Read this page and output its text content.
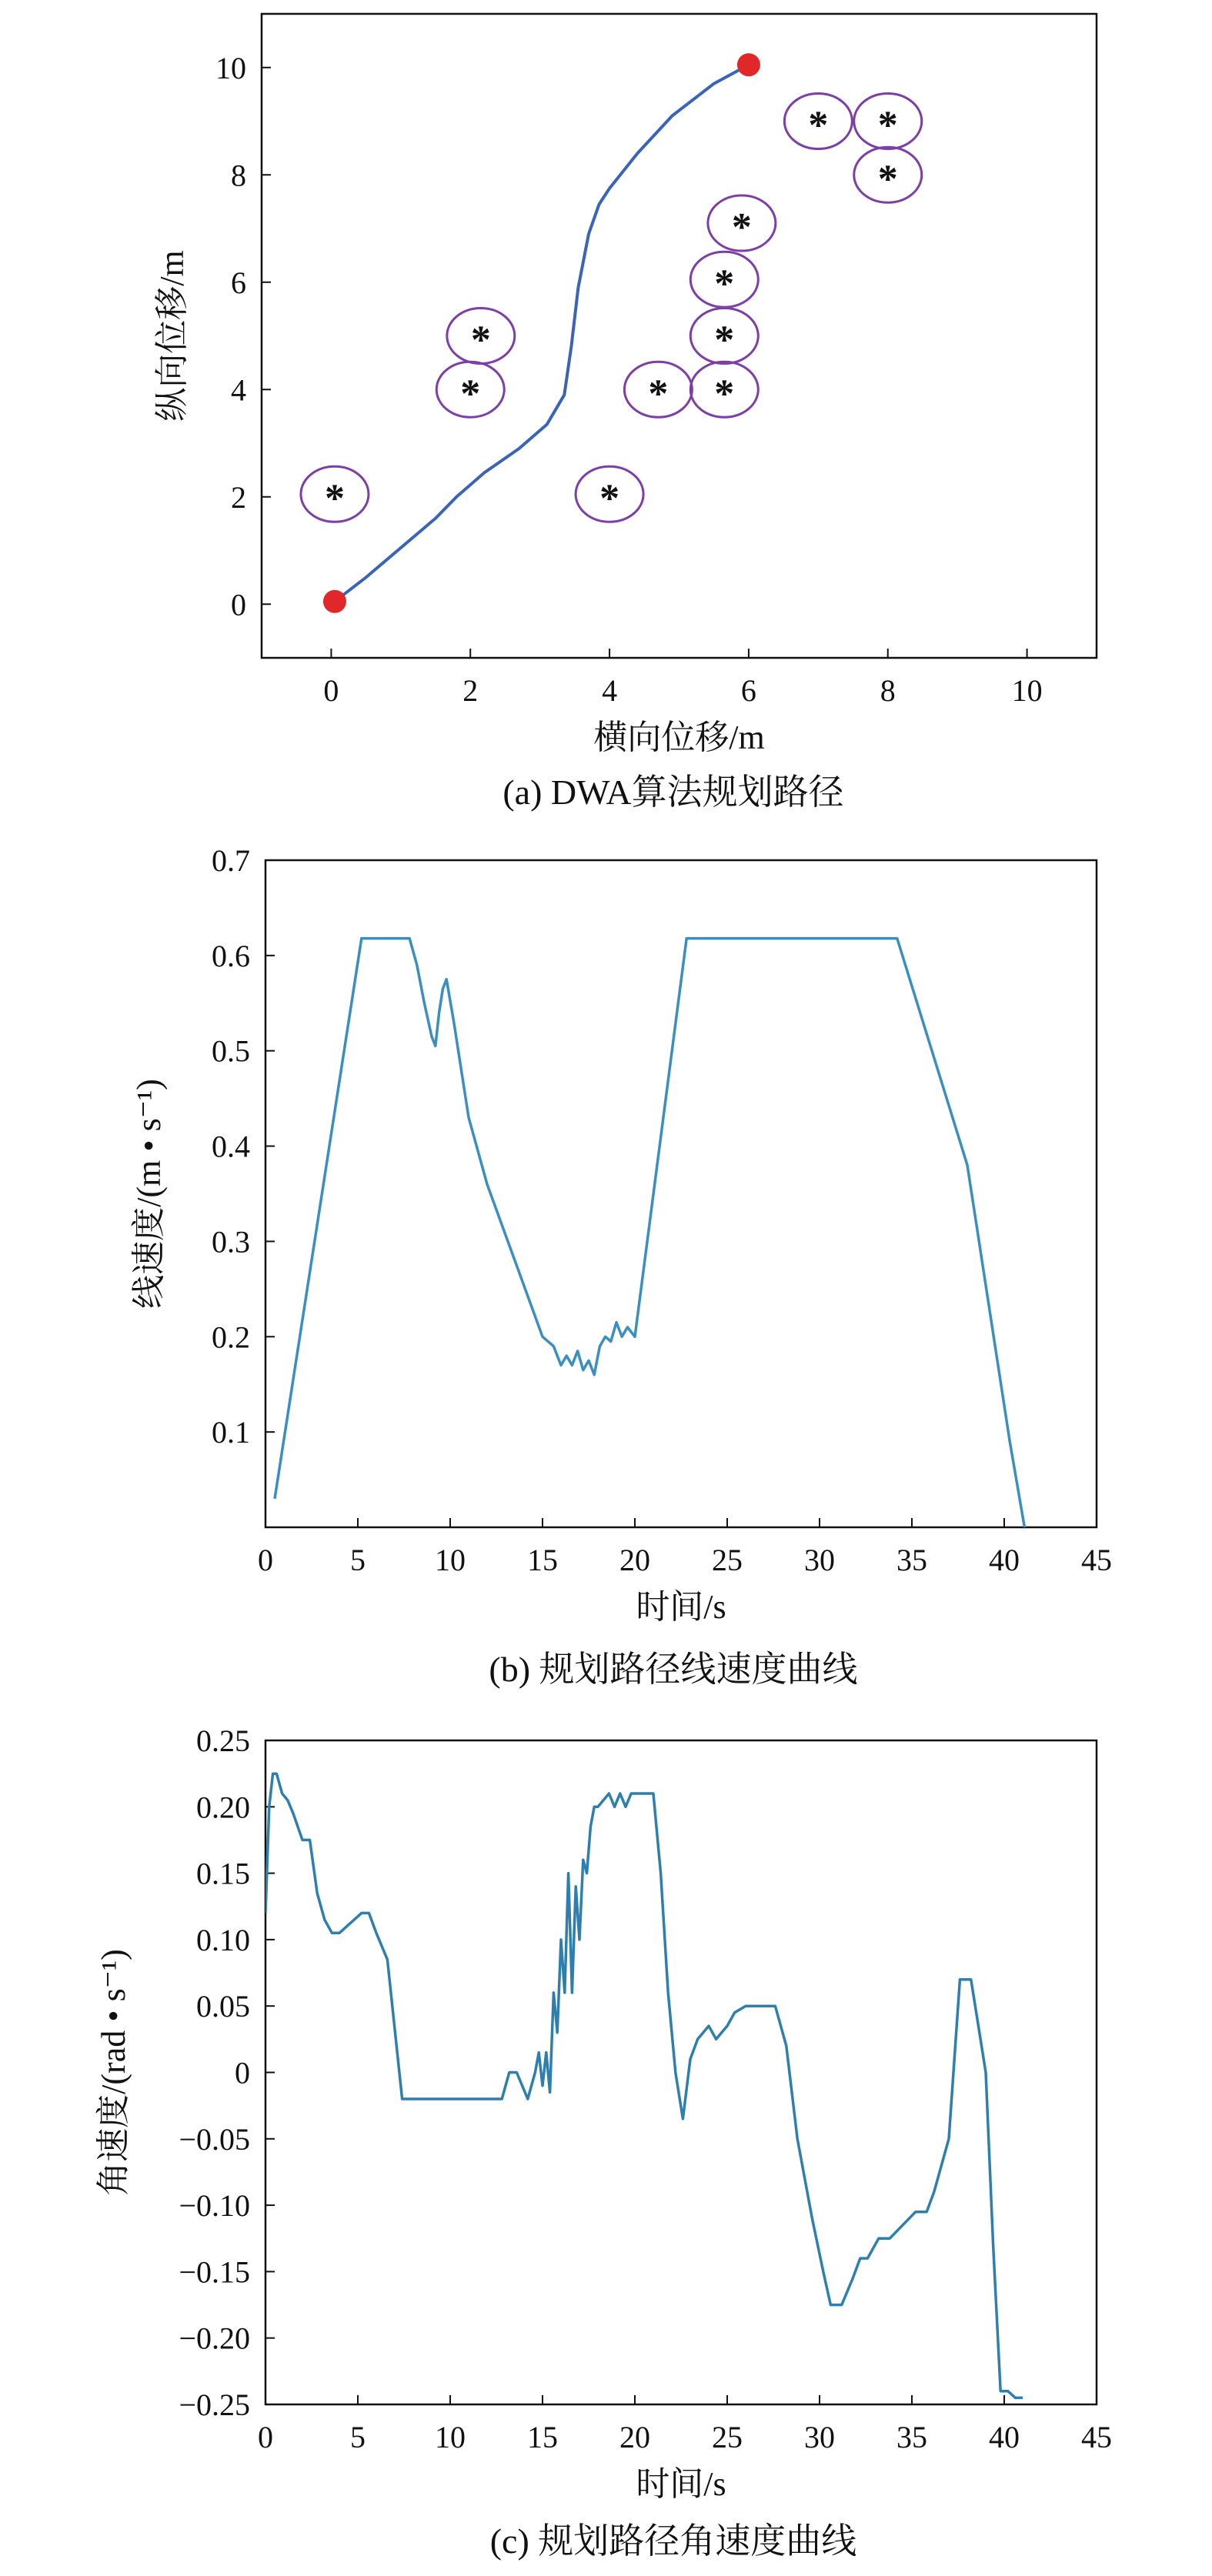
0	2	4	6	8	10
0
2
4
6
8
10
横向位移/m
纵向位移/m
(a) DWA算法规划路径
*
*
*
*
* *
*
*
*
* *
*
0	5 10 15 20 25 30 35 40 45
0.1
0.2
0.3
0.4
0.5
0.6
0.7
时间/s
线速度/(m • s⁻¹)
(b) 规划路径线速度曲线
0	5 10 15 20 25 30 35 40 45
−0.25
−0.20
−0.15
−0.10
−0.05
0
0.05
0.10
0.15
0.20
0.25
时间/s
角速度/(rad • s⁻¹)
(c) 规划路径角速度曲线
